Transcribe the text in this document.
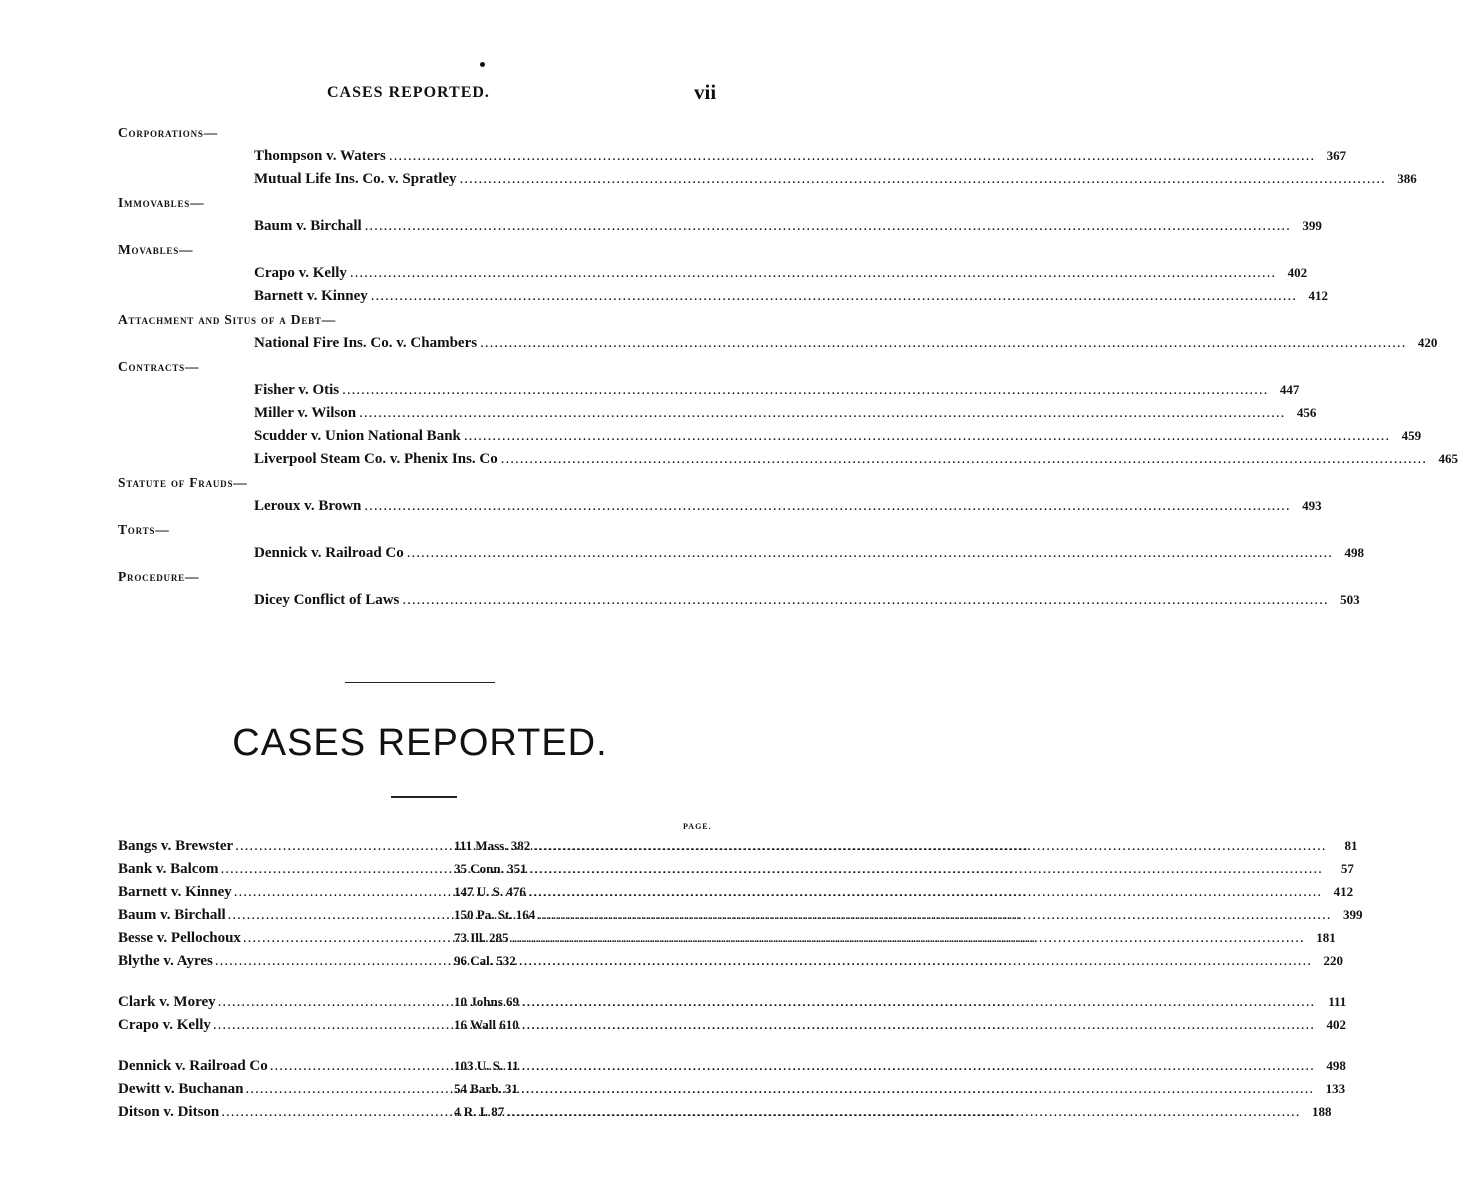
CASES REPORTED.	vii
Corporations—
Thompson v. Waters .....	367
Mutual Life Ins. Co. v. Spratley .....	386
Immovables—
Baum v. Birchall .....	399
Movables—
Crapo v. Kelly .....	402
Barnett v. Kinney .....	412
Attachment and Situs of a Debt—
National Fire Ins. Co. v. Chambers .....	420
Contracts—
Fisher v. Otis .....	447
Miller v. Wilson .....	456
Scudder v. Union National Bank .....	459
Liverpool Steam Co. v. Phenix Ins. Co .....	465
Statute of Frauds—
Leroux v. Brown .....	493
Torts—
Dennick v. Railroad Co .....	498
Procedure—
Dicey Conflict of Laws .....	503
CASES REPORTED.
PAGE.
Bangs v. Brewster .....	111 Mass. 382 .....	81
Bank v. Balcom .....	35 Conn. 351 .....	57
Barnett v. Kinney .....	147 U. S. 476 .....	412
Baum v. Birchall .....	150 Pa. St. 164 .....	399
Besse v. Pellochoux .....	73 Ill. 285 .....	181
Blythe v. Ayres .....	96 Cal. 532 .....	220
Clark v. Morey .....	10 Johns 69 .....	111
Crapo v. Kelly .....	16 Wall 610 .....	402
Dennick v. Railroad Co .....	103 U. S. 11 .....	498
Dewitt v. Buchanan .....	54 Barb. 31 .....	133
Ditson v. Ditson .....	4 R. I. 87 .....	188
